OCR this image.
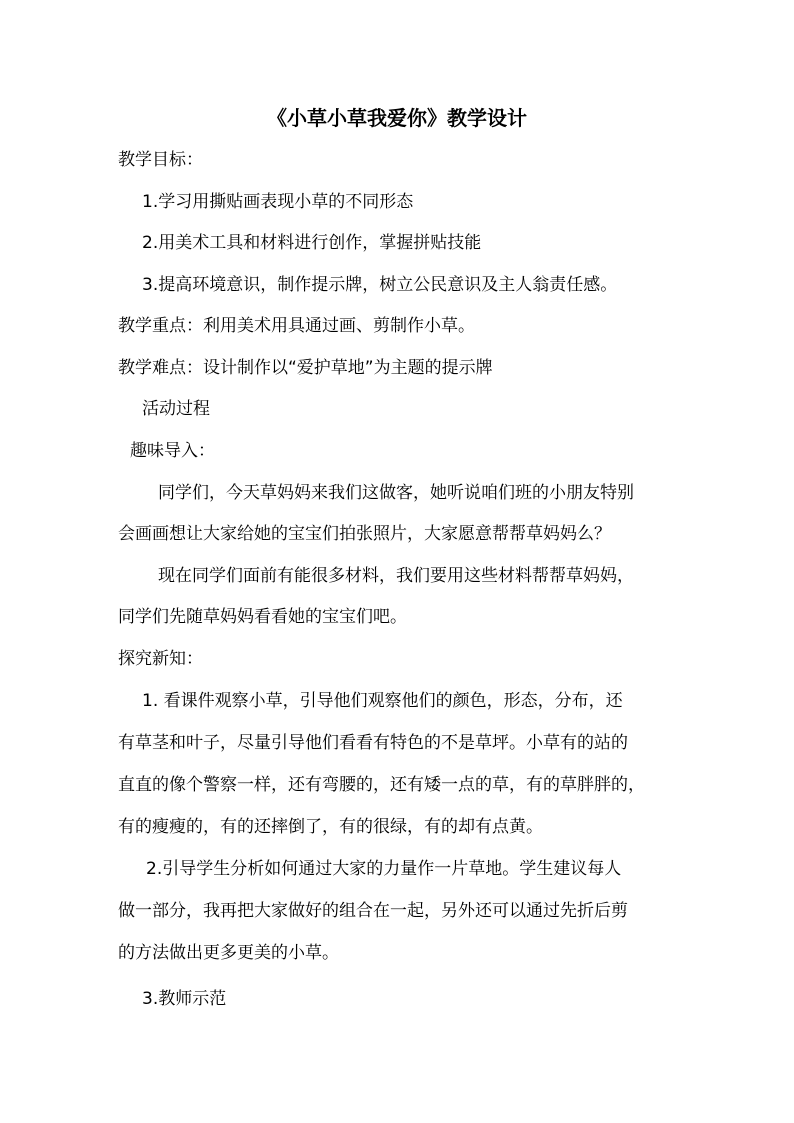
《小草小草我爱你》教学设计
教学目标：
1.学习用撕贴画表现小草的不同形态
2.用美术工具和材料进行创作，掌握拼贴技能
3.提高环境意识，制作提示牌，树立公民意识及主人翁责任感。
教学重点：利用美术用具通过画、剪制作小草。
教学难点：设计制作以“爱护草地”为主题的提示牌
活动过程
趣味导入：
同学们，今天草妈妈来我们这做客，她听说咱们班的小朋友特别
会画画想让大家给她的宝宝们拍张照片，大家愿意帮帮草妈妈么？
现在同学们面前有能很多材料，我们要用这些材料帮帮草妈妈，
同学们先随草妈妈看看她的宝宝们吧。
探究新知：
1. 看课件观察小草，引导他们观察他们的颜色，形态，分布，还
有草茎和叶子，尽量引导他们看看有特色的不是草坪。小草有的站的
直直的像个警察一样，还有弯腰的，还有矮一点的草，有的草胖胖的，
有的瘦瘦的，有的还摔倒了，有的很绿，有的却有点黄。
2.引导学生分析如何通过大家的力量作一片草地。学生建议每人
做一部分，我再把大家做好的组合在一起，另外还可以通过先折后剪
的方法做出更多更美的小草。
3.教师示范
